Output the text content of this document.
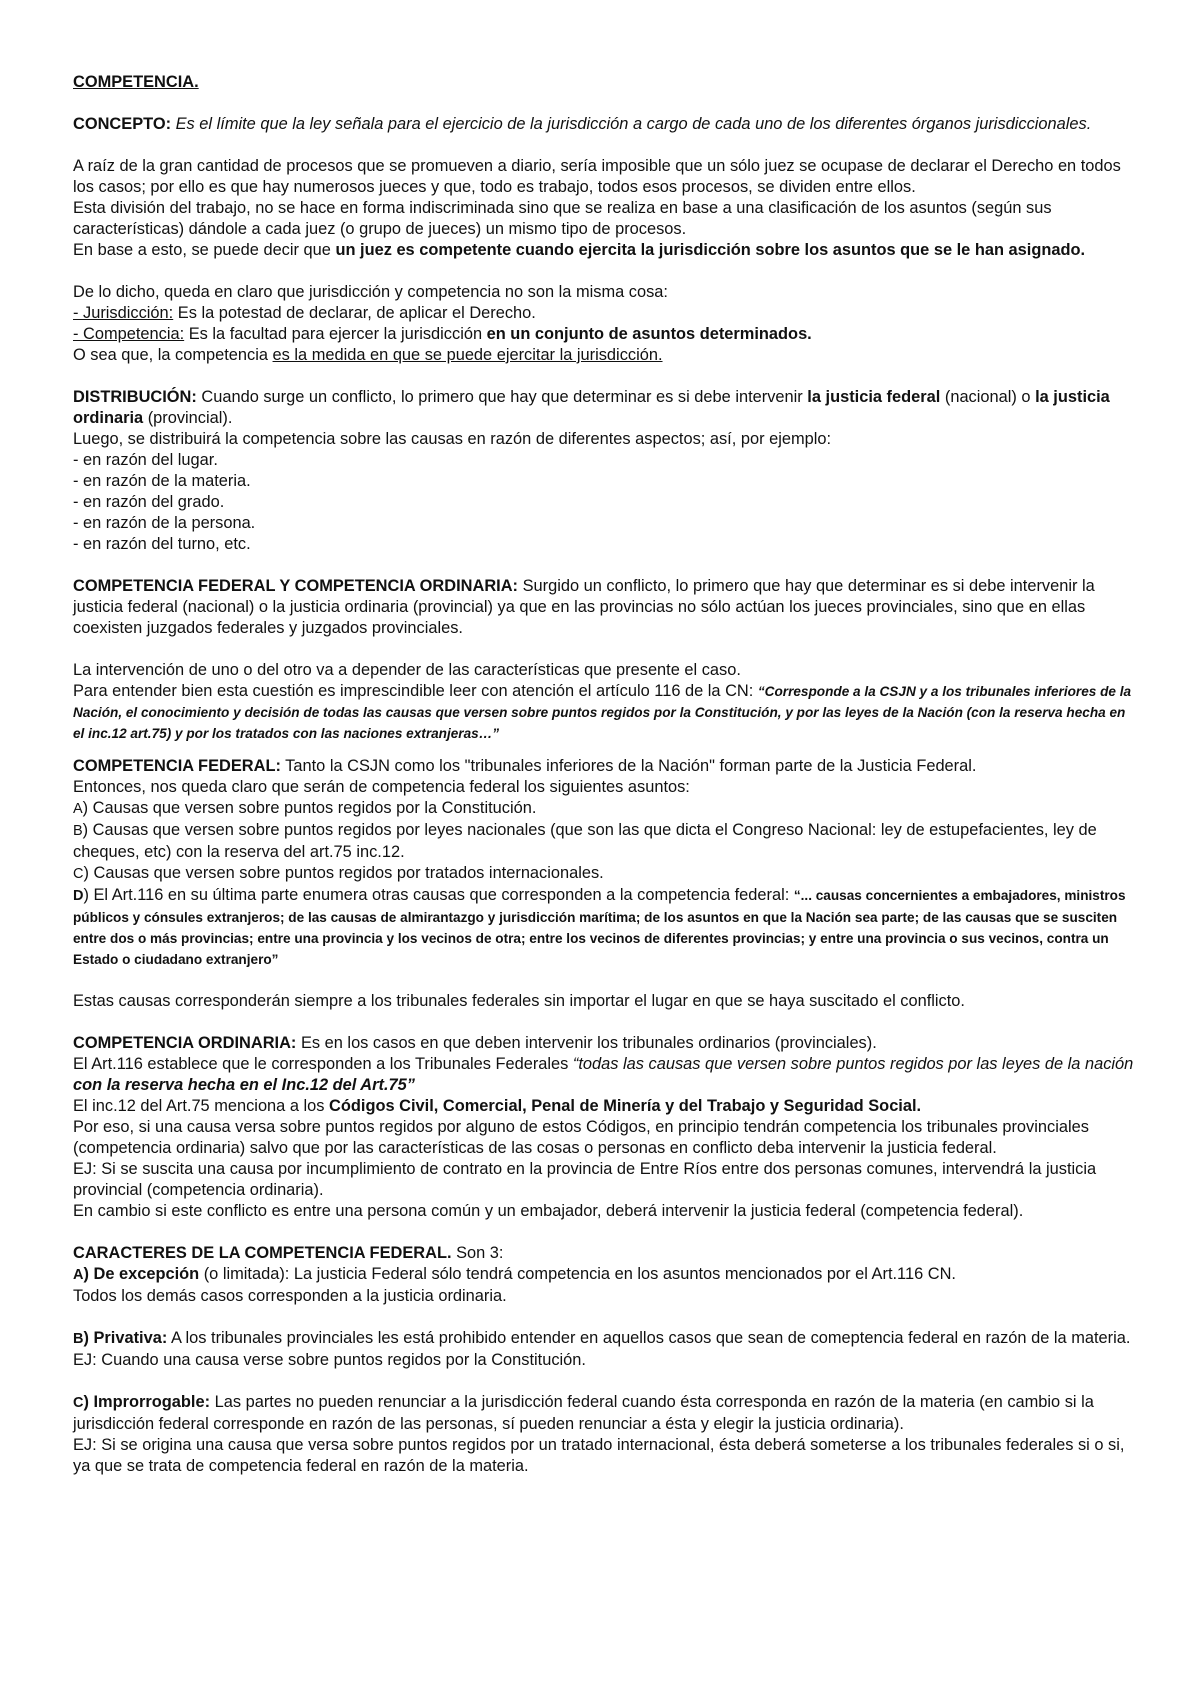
COMPETENCIA.

CONCEPTO: Es el límite que la ley señala para el ejercicio de la jurisdicción a cargo de cada uno de los diferentes órganos jurisdiccionales.

A raíz de la gran cantidad de procesos que se promueven a diario, sería imposible que un sólo juez se ocupase de declarar el Derecho en todos los casos; por ello es que hay numerosos jueces y que, todo es trabajo, todos esos procesos, se dividen entre ellos.

Esta división del trabajo, no se hace en forma indiscriminada sino que se realiza en base a una clasificación de los asuntos (según sus características) dándole a cada juez (o grupo de jueces) un mismo tipo de procesos.

En base a esto, se puede decir que un juez es competente cuando ejercita la jurisdicción sobre los asuntos que se le han asignado.

De lo dicho, queda en claro que jurisdicción y competencia no son la misma cosa:

- Jurisdicción: Es la potestad de declarar, de aplicar el Derecho.

- Competencia: Es la facultad para ejercer la jurisdicción en un conjunto de asuntos determinados.

O sea que, la competencia es la medida en que se puede ejercitar la jurisdicción.

DISTRIBUCIÓN: Cuando surge un conflicto, lo primero que hay que determinar es si debe intervenir la justicia federal (nacional) o la justicia ordinaria (provincial).

Luego, se distribuirá la competencia sobre las causas en razón de diferentes aspectos; así, por ejemplo:

- en razón del lugar.

- en razón de la materia.

- en razón del grado.

- en razón de la persona.

- en razón del turno, etc.

COMPETENCIA FEDERAL Y COMPETENCIA ORDINARIA: Surgido un conflicto, lo primero que hay que determinar es si debe intervenir la justicia federal (nacional) o la justicia ordinaria (provincial) ya que en las provincias no sólo actúan los jueces provinciales, sino que en ellas coexisten juzgados federales y juzgados provinciales.

La intervención de uno o del otro va a depender de las características que presente el caso.

Para entender bien esta cuestión es imprescindible leer con atención el artículo 116 de la CN: “Corresponde a la CSJN y a los tribunales inferiores de la Nación, el conocimiento y decisión de todas las causas que versen sobre puntos regidos por la Constitución, y por las leyes de la Nación (con la reserva hecha en el inc.12 art.75) y por los tratados con las naciones extranjeras…”

COMPETENCIA FEDERAL: Tanto la CSJN como los "tribunales inferiores de la Nación" forman parte de la Justicia Federal.

Entonces, nos queda claro que serán de competencia federal los siguientes asuntos:

A) Causas que versen sobre puntos regidos por la Constitución.

B) Causas que versen sobre puntos regidos por leyes nacionales (que son las que dicta el Congreso Nacional: ley de estupefacientes, ley de cheques, etc) con la reserva del art.75 inc.12.

C) Causas que versen sobre puntos regidos por tratados internacionales.

D) El Art.116 en su última parte enumera otras causas que corresponden a la competencia federal: “... causas concernientes a embajadores, ministros públicos y cónsules extranjeros; de las causas de almirantazgo y jurisdicción marítima; de los asuntos en que la Nación sea parte; de las causas que se susciten entre dos o más provincias; entre una provincia y los vecinos de otra; entre los vecinos de diferentes provincias; y entre una provincia o sus vecinos, contra un Estado o ciudadano extranjero”

Estas causas corresponderán siempre a los tribunales federales sin importar el lugar en que se haya suscitado el conflicto.

COMPETENCIA ORDINARIA: Es en los casos en que deben intervenir los tribunales ordinarios (provinciales).

El Art.116 establece que le corresponden a los Tribunales Federales “todas las causas que versen sobre puntos regidos por las leyes de la nación con la reserva hecha en el Inc.12 del Art.75”

El inc.12 del Art.75 menciona a los Códigos Civil, Comercial, Penal de Minería y del Trabajo y Seguridad Social.

Por eso, si una causa versa sobre puntos regidos por alguno de estos Códigos, en principio tendrán competencia los tribunales provinciales (competencia ordinaria) salvo que por las características de las cosas o personas en conflicto deba intervenir la justicia federal.

EJ: Si se suscita una causa por incumplimiento de contrato en la provincia de Entre Ríos entre dos personas comunes, intervendrá la justicia provincial (competencia ordinaria).

En cambio si este conflicto es entre una persona común y un embajador, deberá intervenir la justicia federal (competencia federal).

CARACTERES DE LA COMPETENCIA FEDERAL. Son 3:

A) De excepción (o limitada): La justicia Federal sólo tendrá competencia en los asuntos mencionados por el Art.116 CN.

Todos los demás casos corresponden a la justicia ordinaria.

B) Privativa: A los tribunales provinciales les está prohibido entender en aquellos casos que sean de comeptencia federal en razón de la materia.

EJ: Cuando una causa verse sobre puntos regidos por la Constitución.

C) Improrrogable: Las partes no pueden renunciar a la jurisdicción federal cuando ésta corresponda en razón de la materia (en cambio si la jurisdicción federal corresponde en razón de las personas, sí pueden renunciar a ésta y elegir la justicia ordinaria).

EJ: Si se origina una causa que versa sobre puntos regidos por un tratado internacional, ésta deberá someterse a los tribunales federales si o si, ya que se trata de competencia federal en razón de la materia.
